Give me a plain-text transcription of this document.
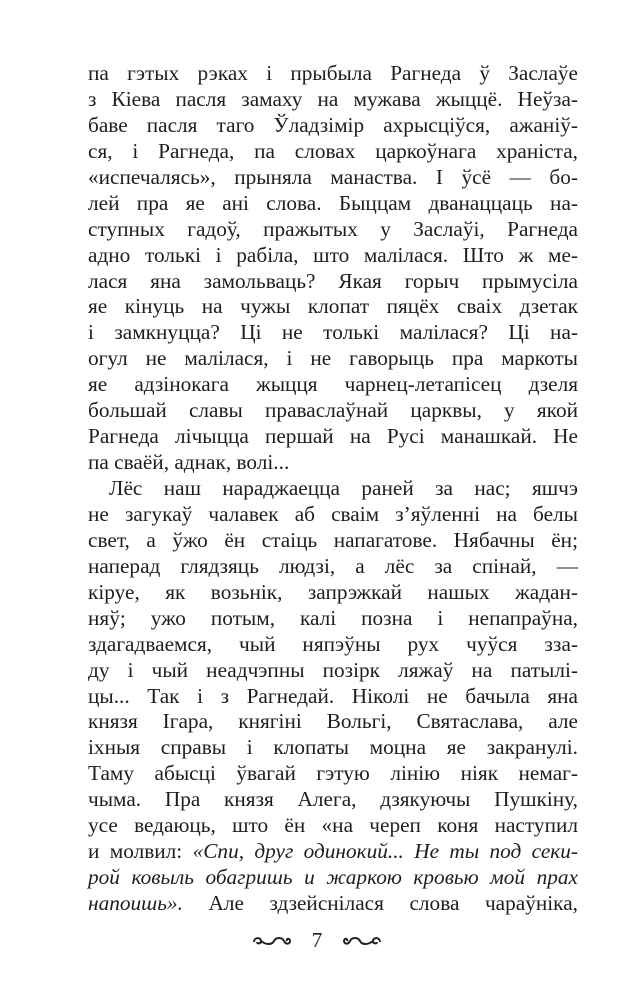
па гэтых рэках і прыбыла Рагнеда ў Заслаўе
з Кіева пасля замаху на мужава жыццё. Неўза-
баве пасля таго Ўладзімір ахрысціўся, ажаніў-
ся, і Рагнеда, па словах царкоўнага храніста,
«испечалясь», прыняла манаства. І ўсё — бо-
лей пра яе ані слова. Быццам дванаццаць на-
ступных гадоў, пражытых у Заслаўі, Рагнеда
адно толькі і рабіла, што малілася. Што ж ме-
лася яна замольваць? Якая горыч прымусіла
яе кінуць на чужы клопат пяцёх сваіх дзетак
і замкнуцца? Ці не толькі малілася? Ці на-
огул не малілася, і не гаворыць пра маркоты
яе адзінокага жыцця чарнец-летапісец дзеля
большай славы праваслаўнай царквы, у якой
Рагнеда лічыцца першай на Русі манашкай. Не
па сваёй, аднак, волі...
Лёс наш нараджаецца раней за нас; яшчэ
не загукаў чалавек аб сваім з’яўленні на белы
свет, а ўжо ён стаіць напагатове. Нябачны ён;
наперад глядзяць людзі, а лёс за спінай, —
кіруе, як возьнік, запрэжкай нашых жадан-
няў; ужо потым, калі позна і непапраўна,
здагадваемся, чый няпэўны рух чуўся зза-
ду і чый неадчэпны позірк ляжаў на патылі-
цы... Так і з Рагнедай. Ніколі не бачыла яна
князя Ігара, княгіні Вольгі, Святаслава, але
іхныя справы і клопаты моцна яе закранулі.
Таму абысці ўвагай гэтую лінію ніяк немаг-
чыма. Пра князя Алега, дзякуючы Пушкіну,
усе ведаюць, што ён «на череп коня наступил
и молвил: «Спи, друг одинокий... Не ты под секи-
рой ковыль обагришь и жаркою кровью мой прах
напоишь». Але здзейснілася слова чараўніка,
7
